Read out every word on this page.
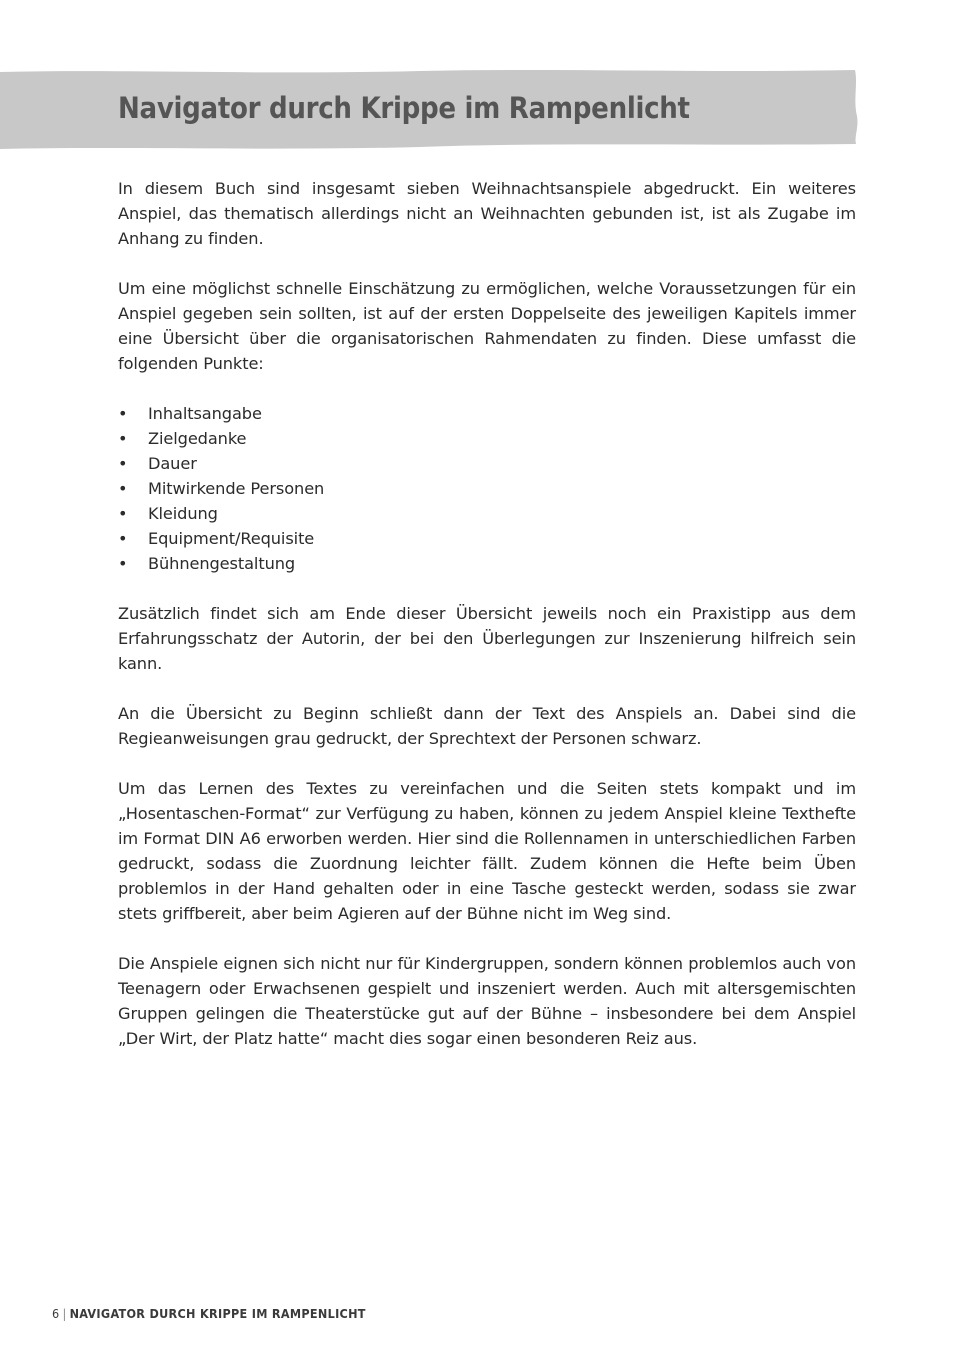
Navigator durch Krippe im Rampenlicht

In diesem Buch sind insgesamt sieben Weihnachtsanspiele abgedruckt. Ein weiteres Anspiel, das thematisch allerdings nicht an Weihnachten gebunden ist, ist als Zugabe im Anhang zu finden.

Um eine möglichst schnelle Einschätzung zu ermöglichen, welche Voraussetzungen für ein Anspiel gegeben sein sollten, ist auf der ersten Doppelseite des jeweiligen Kapitels immer eine Übersicht über die organisatorischen Rahmendaten zu finden. Diese umfasst die folgenden Punkte:

• Inhaltsangabe
• Zielgedanke
• Dauer
• Mitwirkende Personen
• Kleidung
• Equipment/Requisite
• Bühnengestaltung

Zusätzlich findet sich am Ende dieser Übersicht jeweils noch ein Praxistipp aus dem Erfahrungsschatz der Autorin, der bei den Überlegungen zur Inszenierung hilfreich sein kann.

An die Übersicht zu Beginn schließt dann der Text des Anspiels an. Dabei sind die Regieanweisungen grau gedruckt, der Sprechtext der Personen schwarz.

Um das Lernen des Textes zu vereinfachen und die Seiten stets kompakt und im „Hosentaschen-Format“ zur Verfügung zu haben, können zu jedem Anspiel kleine Texthefte im Format DIN A6 erworben werden. Hier sind die Rollennamen in unterschiedlichen Farben gedruckt, sodass die Zuordnung leichter fällt. Zudem können die Hefte beim Üben problemlos in der Hand gehalten oder in eine Tasche gesteckt werden, sodass sie zwar stets griffbereit, aber beim Agieren auf der Bühne nicht im Weg sind.

Die Anspiele eignen sich nicht nur für Kindergruppen, sondern können problemlos auch von Teenagern oder Erwachsenen gespielt und inszeniert werden. Auch mit altersgemischten Gruppen gelingen die Theaterstücke gut auf der Bühne – insbesondere bei dem Anspiel „Der Wirt, der Platz hatte“ macht dies sogar einen besonderen Reiz aus.

6 | NAVIGATOR DURCH KRIPPE IM RAMPENLICHT
